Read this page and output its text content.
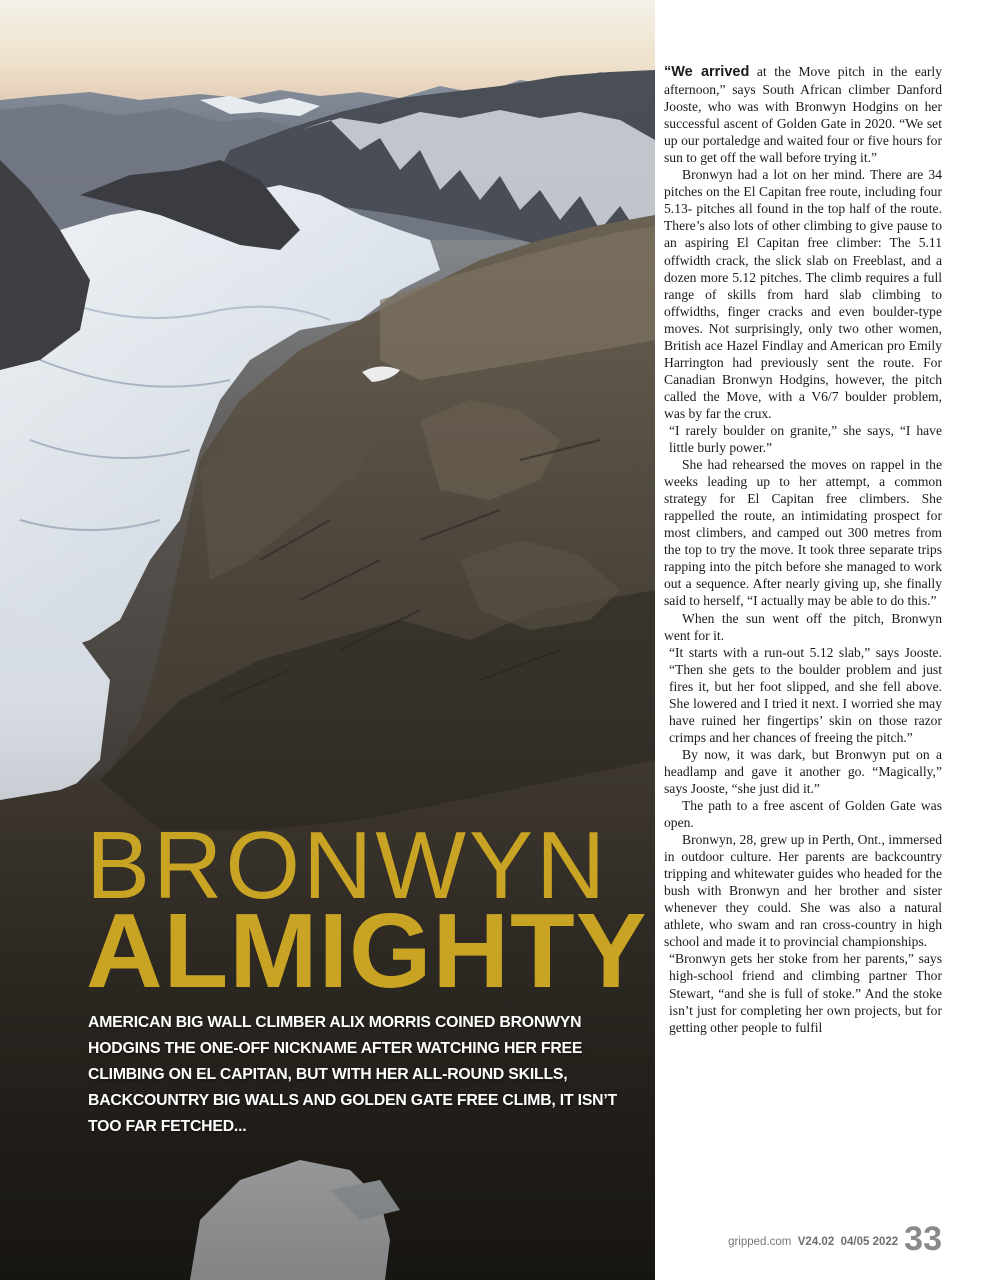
BRONWYN
ALMIGHTY

AMERICAN BIG WALL CLIMBER ALIX MORRIS COINED BRONWYN HODGINS THE ONE-OFF NICKNAME AFTER WATCHING HER FREE CLIMBING ON EL CAPITAN, BUT WITH HER ALL-ROUND SKILLS, BACKCOUNTRY BIG WALLS AND GOLDEN GATE FREE CLIMB, IT ISN’T TOO FAR FETCHED...

“We arrived at the Move pitch in the early afternoon,” says South African climber Danford Jooste, who was with Bronwyn Hodgins on her successful ascent of Golden Gate in 2020. “We set up our portaledge and waited four or five hours for sun to get off the wall before trying it.”

Bronwyn had a lot on her mind. There are 34 pitches on the El Capitan free route, including four 5.13- pitches all found in the top half of the route. There’s also lots of other climbing to give pause to an aspiring El Capitan free climber: The 5.11 offwidth crack, the slick slab on Freeblast, and a dozen more 5.12 pitches. The climb requires a full range of skills from hard slab climbing to offwidths, finger cracks and even boulder-type moves. Not surprisingly, only two other women, British ace Hazel Findlay and American pro Emily Harrington had previously sent the route. For Canadian Bronwyn Hodgins, however, the pitch called the Move, with a V6/7 boulder problem, was by far the crux.

“I rarely boulder on granite,” she says, “I have little burly power.”

She had rehearsed the moves on rappel in the weeks leading up to her attempt, a common strategy for El Capitan free climbers. She rappelled the route, an intimidating prospect for most climbers, and camped out 300 metres from the top to try the move. It took three separate trips rapping into the pitch before she managed to work out a sequence. After nearly giving up, she finally said to herself, “I actually may be able to do this.”

When the sun went off the pitch, Bronwyn went for it.

“It starts with a run-out 5.12 slab,” says Jooste. “Then she gets to the boulder problem and just fires it, but her foot slipped, and she fell above. She lowered and I tried it next. I worried she may have ruined her fingertips’ skin on those razor crimps and her chances of freeing the pitch.”

By now, it was dark, but Bronwyn put on a headlamp and gave it another go. “Magically,” says Jooste, “she just did it.”

The path to a free ascent of Golden Gate was open.

Bronwyn, 28, grew up in Perth, Ont., immersed in outdoor culture. Her parents are backcountry tripping and whitewater guides who headed for the bush with Bronwyn and her brother and sister whenever they could. She was also a natural athlete, who swam and ran cross-country in high school and made it to provincial championships.

“Bronwyn gets her stoke from her parents,” says high-school friend and climbing partner Thor Stewart, “and she is full of stoke.” And the stoke isn’t just for completing her own projects, but for getting other people to fulfil

gripped.com V24.02 04/05 2022 33
